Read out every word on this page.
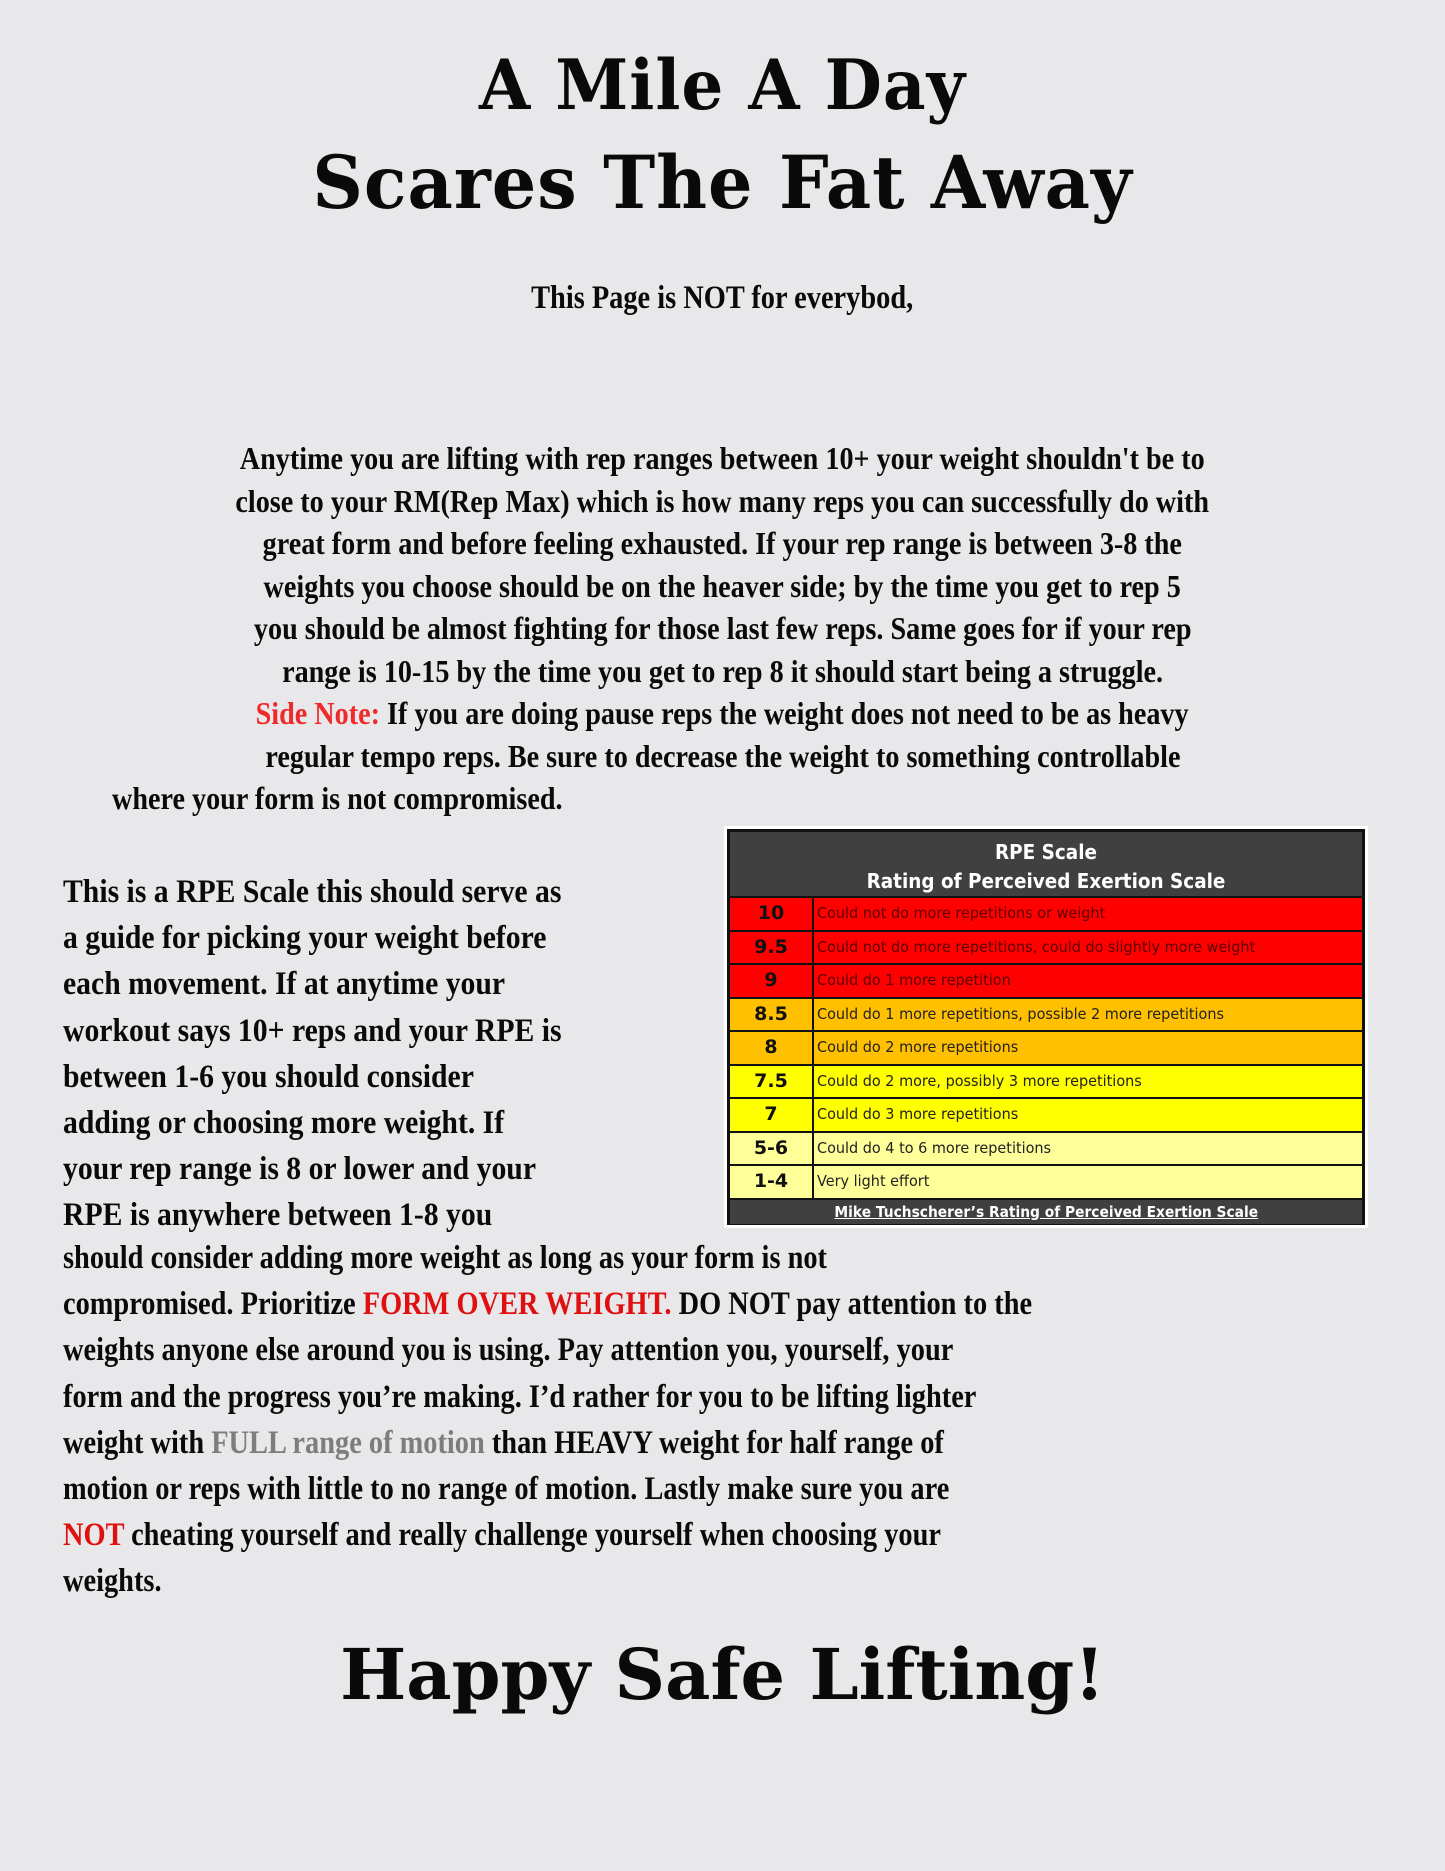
A Mile A Day
Scares The Fat Away
This Page is NOT for everybod,
Anytime you are lifting with rep ranges between 10+ your weight shouldn't be to
close to your RM(Rep Max) which is how many reps you can successfully do with
great form and before feeling exhausted. If your rep range is between 3-8 the
weights you choose should be on the heaver side; by the time you get to rep 5
you should be almost fighting for those last few reps. Same goes for if your rep
range is 10-15 by the time you get to rep 8 it should start being a struggle.
Side Note: If you are doing pause reps the weight does not need to be as heavy
regular tempo reps. Be sure to decrease the weight to something controllable
where your form is not compromised.
This is a RPE Scale this should serve as
a guide for picking your weight before
each movement. If at anytime your
workout says 10+ reps and your RPE is
between 1-6 you should consider
adding or choosing more weight. If
your rep range is 8 or lower and your
RPE is anywhere between 1-8 you
RPE Scale
Rating of Perceived Exertion Scale
10	Could not do more repetitions or weight
9.5	Could not do more repetitions, could do slightly more weight
9	Could do 1 more repetition
8.5	Could do 1 more repetitions, possible 2 more repetitions
8	Could do 2 more repetitions
7.5	Could do 2 more, possibly 3 more repetitions
7	Could do 3 more repetitions
5-6	Could do 4 to 6 more repetitions
1-4	Very light effort
Mike Tuchscherer’s Rating of Perceived Exertion Scale
should consider adding more weight as long as your form is not
compromised. Prioritize FORM OVER WEIGHT. DO NOT pay attention to the
weights anyone else around you is using. Pay attention you, yourself, your
form and the progress you’re making. I’d rather for you to be lifting lighter
weight with FULL range of motion than HEAVY weight for half range of
motion or reps with little to no range of motion. Lastly make sure you are
NOT cheating yourself and really challenge yourself when choosing your
weights.
Happy Safe Lifting!
